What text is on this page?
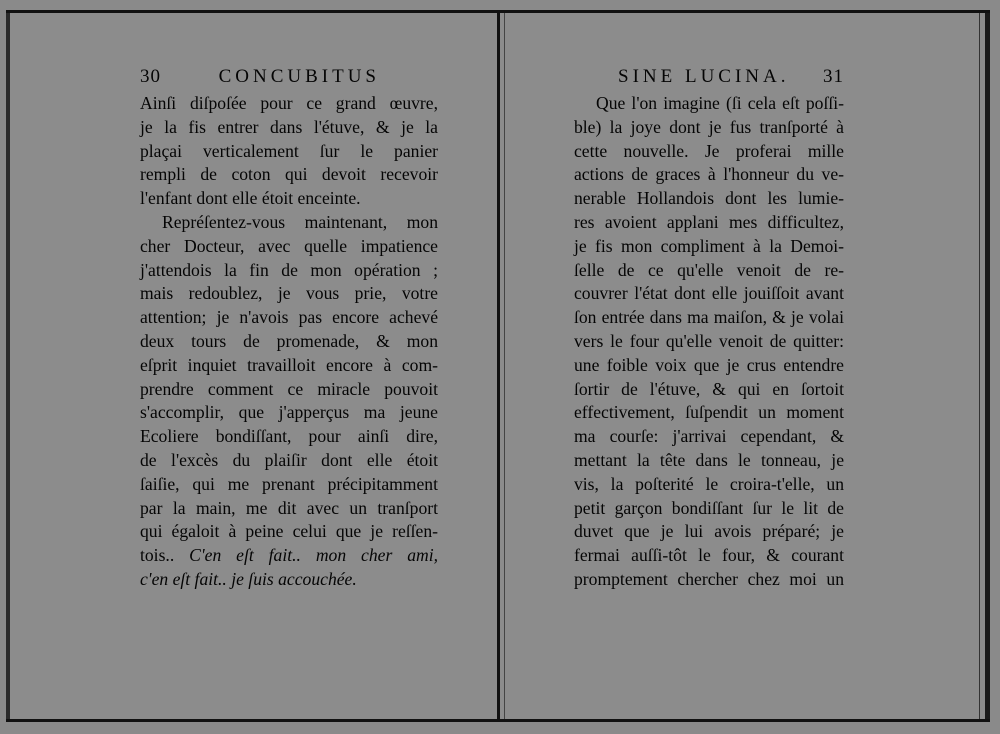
30	CONCUBITUS
Ainſi diſpoſée pour ce grand œuvre,
je la fis entrer dans l'étuve, & je la
plaçai verticalement ſur le panier
rempli de coton qui devoit recevoir
l'enfant dont elle étoit enceinte.
Repréſentez-vous maintenant, mon
cher Docteur, avec quelle impatience
j'attendois la fin de mon opération ;
mais redoublez, je vous prie, votre
attention; je n'avois pas encore achevé
deux tours de promenade, & mon
eſprit inquiet travailloit encore à com-
prendre comment ce miracle pouvoit
s'accomplir, que j'apperçus ma jeune
Ecoliere bondiſſant, pour ainſi dire,
de l'excès du plaiſir dont elle étoit
ſaiſie, qui me prenant précipitamment
par la main, me dit avec un tranſport
qui égaloit à peine celui que je reſſen-
tois.. C'en eſt fait.. mon cher ami,
c'en eſt fait.. je ſuis accouchée.
SINE LUCINA. 31
Que l'on imagine (ſi cela eſt poſſi-
ble) la joye dont je fus tranſporté à
cette nouvelle. Je proferai mille
actions de graces à l'honneur du ve-
nerable Hollandois dont les lumie-
res avoient applani mes difficultez,
je fis mon compliment à la Demoi-
ſelle de ce qu'elle venoit de re-
couvrer l'état dont elle jouiſſoit avant
ſon entrée dans ma maiſon, & je volai
vers le four qu'elle venoit de quitter:
une foible voix que je crus entendre
ſortir de l'étuve, & qui en ſortoit
effectivement, ſuſpendit un moment
ma courſe: j'arrivai cependant, &
mettant la tête dans le tonneau, je
vis, la poſterité le croira-t'elle, un
petit garçon bondiſſant ſur le lit de
duvet que je lui avois préparé; je
fermai auſſi-tôt le four, & courant
promptement chercher chez moi un
